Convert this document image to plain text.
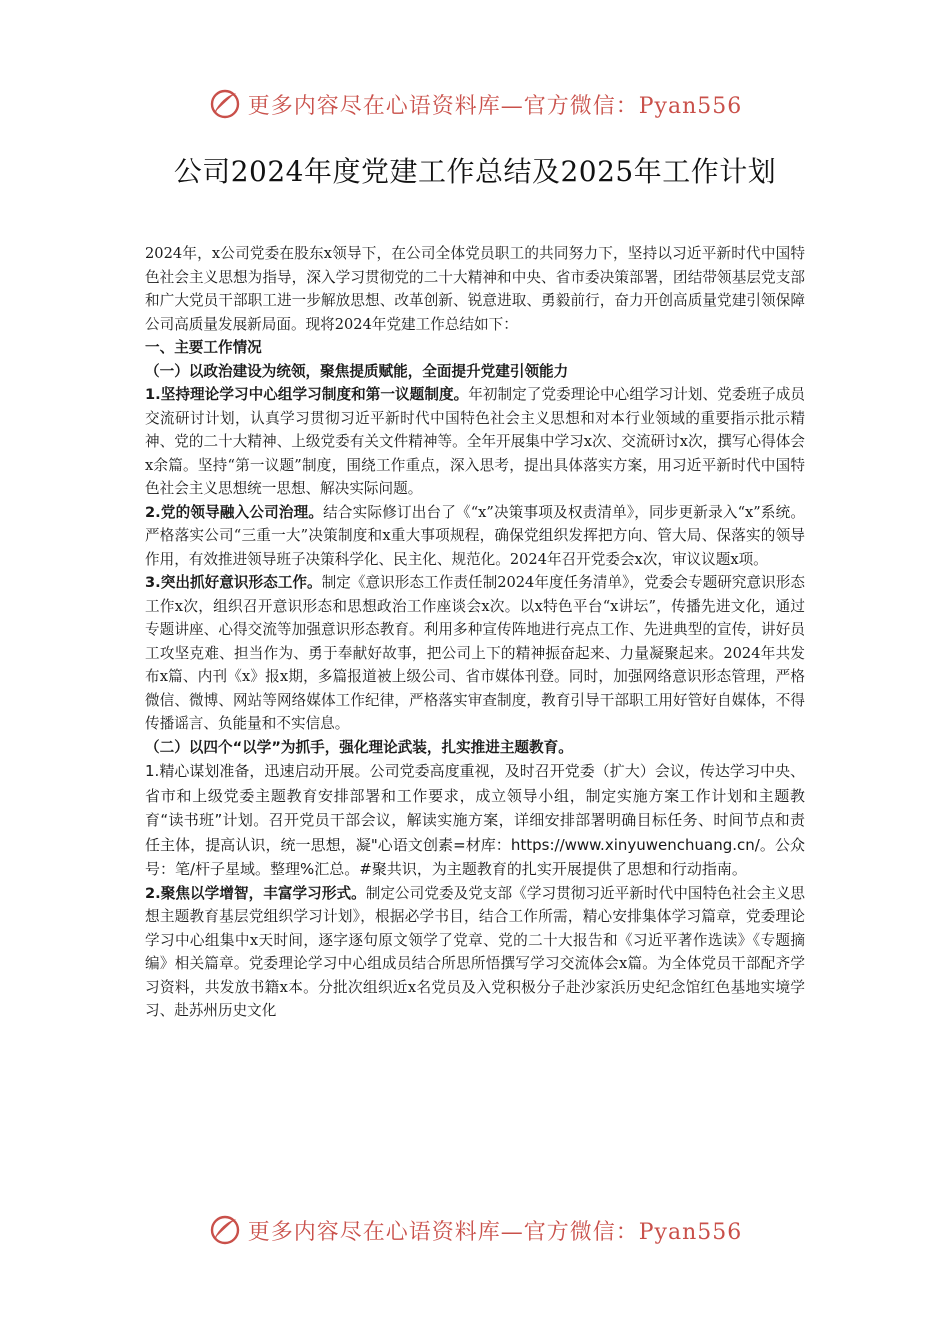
更多内容尽在心语资料库—官方微信：Pyan556
公司2024年度党建工作总结及2025年工作计划

2024年，x公司党委在股东x领导下，在公司全体党员职工的共同努力下，坚持以习近平新时代中国特色社会主义思想为指导，深入学习贯彻党的二十大精神和中央、省市委决策部署，团结带领基层党支部和广大党员干部职工进一步解放思想、改革创新、锐意进取、勇毅前行，奋力开创高质量党建引领保障公司高质量发展新局面。现将2024年党建工作总结如下：

一、主要工作情况

（一）以政治建设为统领，聚焦提质赋能，全面提升党建引领能力

1.坚持理论学习中心组学习制度和第一议题制度。年初制定了党委理论中心组学习计划、党委班子成员交流研讨计划，认真学习贯彻习近平新时代中国特色社会主义思想和对本行业领域的重要指示批示精神、党的二十大精神、上级党委有关文件精神等。全年开展集中学习x次、交流研讨x次，撰写心得体会x余篇。坚持“第一议题”制度，围绕工作重点，深入思考，提出具体落实方案，用习近平新时代中国特色社会主义思想统一思想、解决实际问题。

2.党的领导融入公司治理。结合实际修订出台了《“x”决策事项及权责清单》，同步更新录入“x”系统。严格落实公司“三重一大”决策制度和x重大事项规程，确保党组织发挥把方向、管大局、保落实的领导作用，有效推进领导班子决策科学化、民主化、规范化。2024年召开党委会x次，审议议题x项。

3.突出抓好意识形态工作。制定《意识形态工作责任制2024年度任务清单》，党委会专题研究意识形态工作x次，组织召开意识形态和思想政治工作座谈会x次。以x特色平台“x讲坛”，传播先进文化，通过专题讲座、心得交流等加强意识形态教育。利用多种宣传阵地进行亮点工作、先进典型的宣传，讲好员工攻坚克难、担当作为、勇于奉献好故事，把公司上下的精神振奋起来、力量凝聚起来。2024年共发布x篇、内刊《x》报x期，多篇报道被上级公司、省市媒体刊登。同时，加强网络意识形态管理，严格微信、微博、网站等网络媒体工作纪律，严格落实审查制度，教育引导干部职工用好管好自媒体，不得传播谣言、负能量和不实信息。

（二）以四个“以学”为抓手，强化理论武装，扎实推进主题教育。

1.精心谋划准备，迅速启动开展。公司党委高度重视，及时召开党委（扩大）会议，传达学习中央、省市和上级党委主题教育安排部署和工作要求，成立领导小组，制定实施方案工作计划和主题教育“读书班”计划。召开党员干部会议，解读实施方案，详细安排部署明确目标任务、时间节点和责任主体，提高认识，统一思想，凝"心语文创素=材库：https://www.xinyuwenchuang.cn/。公众号：笔/杆子星域。整理%汇总。#聚共识，为主题教育的扎实开展提供了思想和行动指南。

2.聚焦以学增智，丰富学习形式。制定公司党委及党支部《学习贯彻习近平新时代中国特色社会主义思想主题教育基层党组织学习计划》，根据必学书目，结合工作所需，精心安排集体学习篇章，党委理论学习中心组集中x天时间，逐字逐句原文领学了党章、党的二十大报告和《习近平著作选读》《专题摘编》相关篇章。党委理论学习中心组成员结合所思所悟撰写学习交流体会x篇。为全体党员干部配齐学习资料，共发放书籍x本。分批次组织近x名党员及入党积极分子赴沙家浜历史纪念馆红色基地实境学习、赴苏州历史文化

更多内容尽在心语资料库—官方微信：Pyan556
